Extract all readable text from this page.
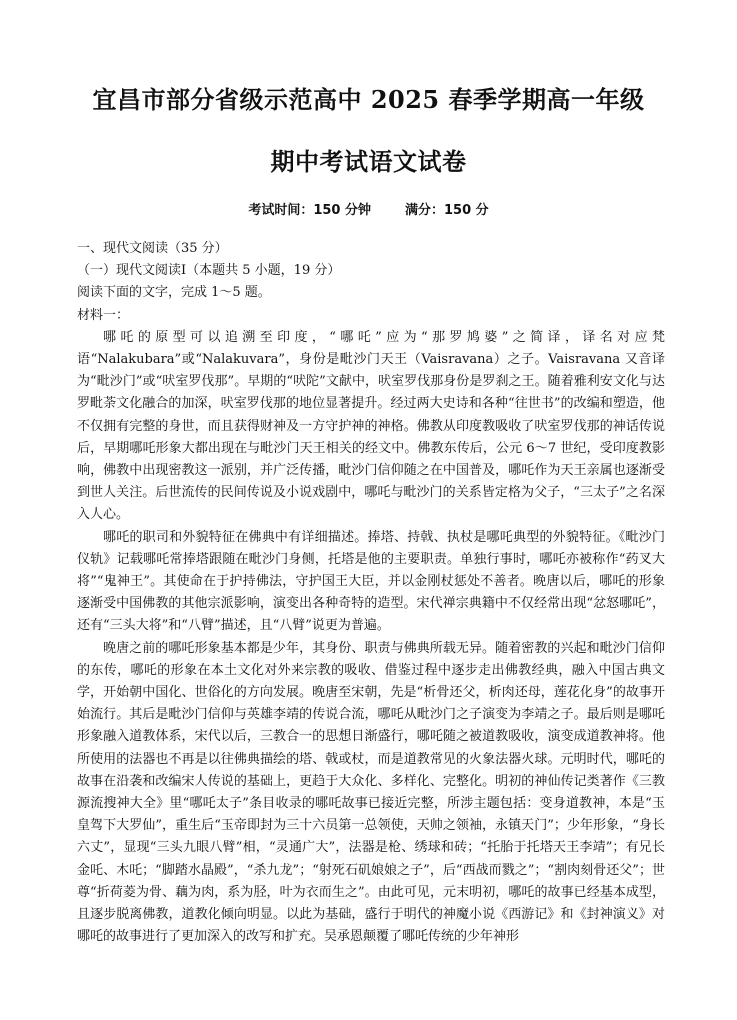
宜昌市部分省级示范高中 2025 春季学期高一年级
期中考试语文试卷
考试时间：150 分钟	满分：150 分

一、现代文阅读（35 分）

（一）现代文阅读Ⅰ（本题共 5 小题，19 分）

阅读下面的文字，完成 1～5 题。

材料一：

哪吒的原型可以追溯至印度，“哪吒”应为“那罗鸠婆”之简译，译名对应梵语“Nalakubara”或“Nalakuvara”，身份是毗沙门天王（Vaisravana）之子。Vaisravana 又音译为“毗沙门”或“吠室罗伐那”。早期的“吠陀”文献中，吠室罗伐那身份是罗刹之王。随着雅利安文化与达罗毗荼文化融合的加深，吠室罗伐那的地位显著提升。经过两大史诗和各种“往世书”的改编和塑造，他不仅拥有完整的身世，而且获得财神及一方守护神的神格。佛教从印度教吸收了吠室罗伐那的神话传说后，早期哪吒形象大都出现在与毗沙门天王相关的经文中。佛教东传后，公元 6～7 世纪，受印度教影响，佛教中出现密教这一派别，并广泛传播，毗沙门信仰随之在中国普及，哪吒作为天王亲属也逐渐受到世人关注。后世流传的民间传说及小说戏剧中，哪吒与毗沙门的关系皆定格为父子，“三太子”之名深入人心。

哪吒的职司和外貌特征在佛典中有详细描述。捧塔、持戟、执杖是哪吒典型的外貌特征。《毗沙门仪轨》记载哪吒常捧塔跟随在毗沙门身侧，托塔是他的主要职责。单独行事时，哪吒亦被称作“药叉大将”“鬼神王”。其使命在于护持佛法，守护国王大臣，并以金刚杖惩处不善者。晚唐以后，哪吒的形象逐渐受中国佛教的其他宗派影响，演变出各种奇特的造型。宋代禅宗典籍中不仅经常出现“忿怒哪吒”，还有“三头大将”和“八臂”描述，且“八臂”说更为普遍。

晚唐之前的哪吒形象基本都是少年，其身份、职责与佛典所载无异。随着密教的兴起和毗沙门信仰的东传，哪吒的形象在本土文化对外来宗教的吸收、借鉴过程中逐步走出佛教经典，融入中国古典文学，开始朝中国化、世俗化的方向发展。晚唐至宋朝，先是“析骨还父，析肉还母，莲花化身”的故事开始流行。其后是毗沙门信仰与英雄李靖的传说合流，哪吒从毗沙门之子演变为李靖之子。最后则是哪吒形象融入道教体系，宋代以后，三教合一的思想日渐盛行，哪吒随之被道教吸收，演变成道教神将。他所使用的法器也不再是以往佛典描绘的塔、戟或杖，而是道教常见的火象法器火球。元明时代，哪吒的故事在沿袭和改编宋人传说的基础上，更趋于大众化、多样化、完整化。明初的神仙传记类著作《三教源流搜神大全》里“哪吒太子”条目收录的哪吒故事已接近完整，所涉主题包括：变身道教神，本是“玉皇驾下大罗仙”，重生后“玉帝即封为三十六员第一总领使，天帅之领袖，永镇天门”；少年形象，“身长六丈”，显现“三头九眼八臂”相，“灵通广大”，法器是枪、绣球和砖；“托胎于托塔天王李靖”；有兄长金吒、木吒；“脚踏水晶殿”，“杀九龙”；“射死石矶娘娘之子”，后“西战而戮之”；“割肉刻骨还父”；世尊“折荷菱为骨、藕为肉，系为胫，叶为衣而生之”。由此可见，元末明初，哪吒的故事已经基本成型，且逐步脱离佛教，道教化倾向明显。以此为基础，盛行于明代的神魔小说《西游记》和《封神演义》对哪吒的故事进行了更加深入的改写和扩充。吴承恩颠覆了哪吒传统的少年神形
